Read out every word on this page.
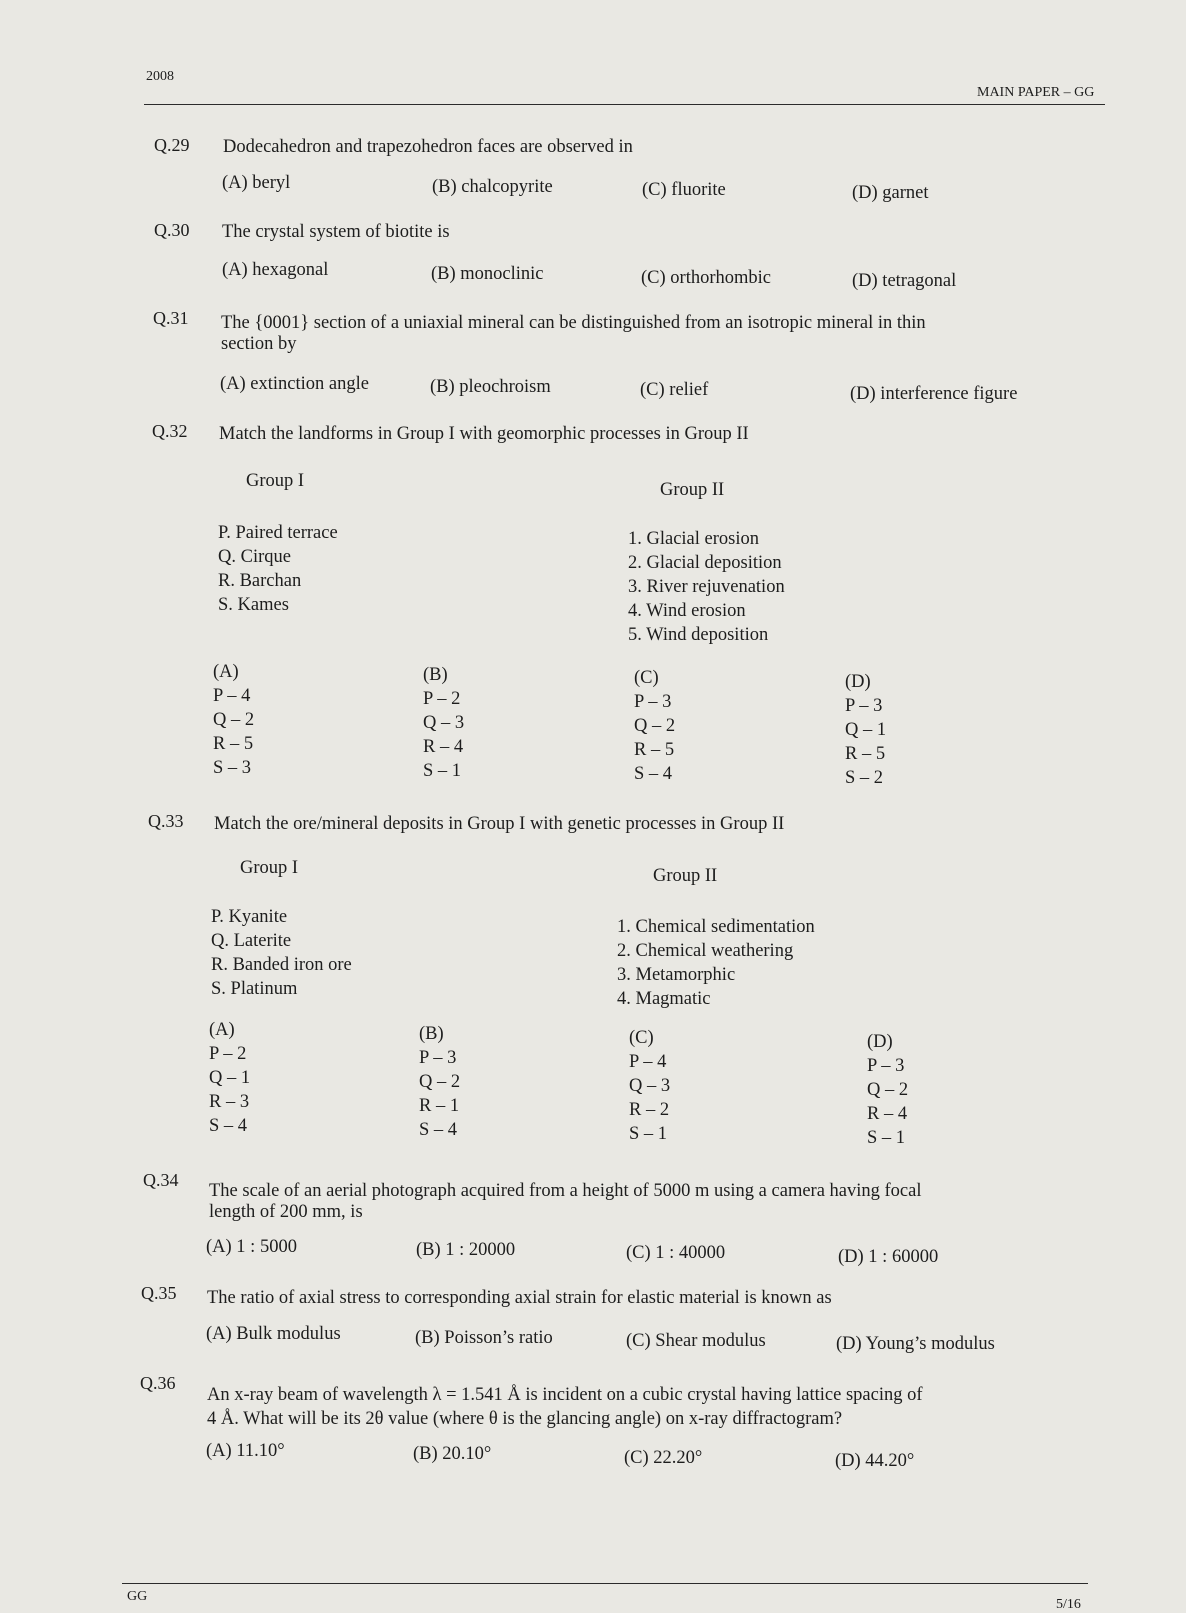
2008
MAIN PAPER – GG
Q.29 Dodecahedron and trapezohedron faces are observed in
(A) beryl	(B) chalcopyrite	(C) fluorite	(D) garnet
Q.30 The crystal system of biotite is
(A) hexagonal	(B) monoclinic	(C) orthorhombic	(D) tetragonal
Q.31 The {0001} section of a uniaxial mineral can be distinguished from an isotropic mineral in thin
section by
(A) extinction angle	(B) pleochroism	(C) relief	(D) interference figure
Q.32 Match the landforms in Group I with geomorphic processes in Group II
Group I	Group II
P. Paired terrace
Q. Cirque
R. Barchan
S. Kames
1. Glacial erosion
2. Glacial deposition
3. River rejuvenation
4. Wind erosion
5. Wind deposition
(A)
P – 4
Q – 2
R – 5
S – 3
(B)
P – 2
Q – 3
R – 4
S – 1
(C)
P – 3
Q – 2
R – 5
S – 4
(D)
P – 3
Q – 1
R – 5
S – 2
Q.33 Match the ore/mineral deposits in Group I with genetic processes in Group II
Group I	Group II
P. Kyanite
Q. Laterite
R. Banded iron ore
S. Platinum
1. Chemical sedimentation
2. Chemical weathering
3. Metamorphic
4. Magmatic
(A)
P – 2
Q – 1
R – 3
S – 4
(B)
P – 3
Q – 2
R – 1
S – 4
(C)
P – 4
Q – 3
R – 2
S – 1
(D)
P – 3
Q – 2
R – 4
S – 1
Q.34
The scale of an aerial photograph acquired from a height of 5000 m using a camera having focal
length of 200 mm, is
(A) 1 : 5000	(B) 1 : 20000	(C) 1 : 40000	(D) 1 : 60000
Q.35 The ratio of axial stress to corresponding axial strain for elastic material is known as
(A) Bulk modulus	(B) Poisson’s ratio	(C) Shear modulus	(D) Young’s modulus
Q.36
An x-ray beam of wavelength λ = 1.541 Å is incident on a cubic crystal having lattice spacing of
4 Å. What will be its 2θ value (where θ is the glancing angle) on x-ray diffractogram?
(A) 11.10°	(B) 20.10°	(C) 22.20°	(D) 44.20°
GG
5/16
